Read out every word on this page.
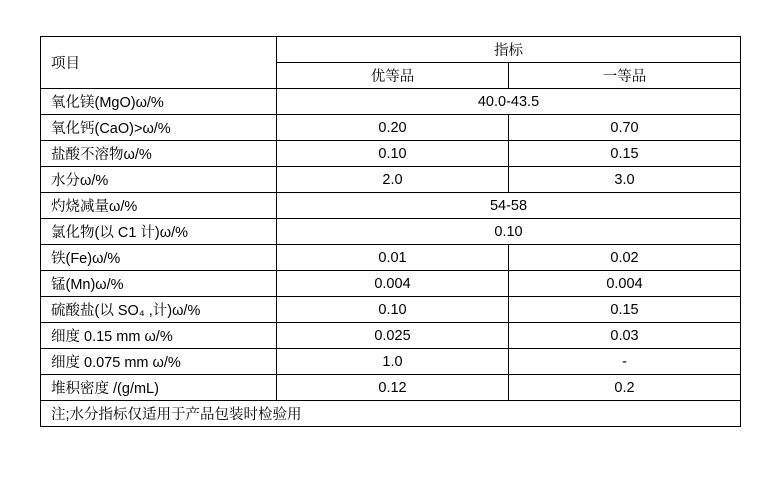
项目	指标	
	优等品	一等品
氧化镁(MgO)ω/%	40.0-43.5	
氧化钙(CaO)>ω/%	0.20	0.70
盐酸不溶物ω/%	0.10	0.15
水分ω/%	2.0	3.0
灼烧减量ω/%	54-58	
氯化物(以 C1 计)ω/%	0.10	
铁(Fe)ω/%	0.01	0.02
锰(Mn)ω/%	0.004	0.004
硫酸盐(以 SO₄ ,计)ω/%	0.10	0.15
细度 0.15 mm ω/%	0.025	0.03
细度 0.075 mm ω/%	1.0	-
堆积密度 /(g/mL)	0.12	0.2
注;水分指标仅适用于产品包装时检验用		
